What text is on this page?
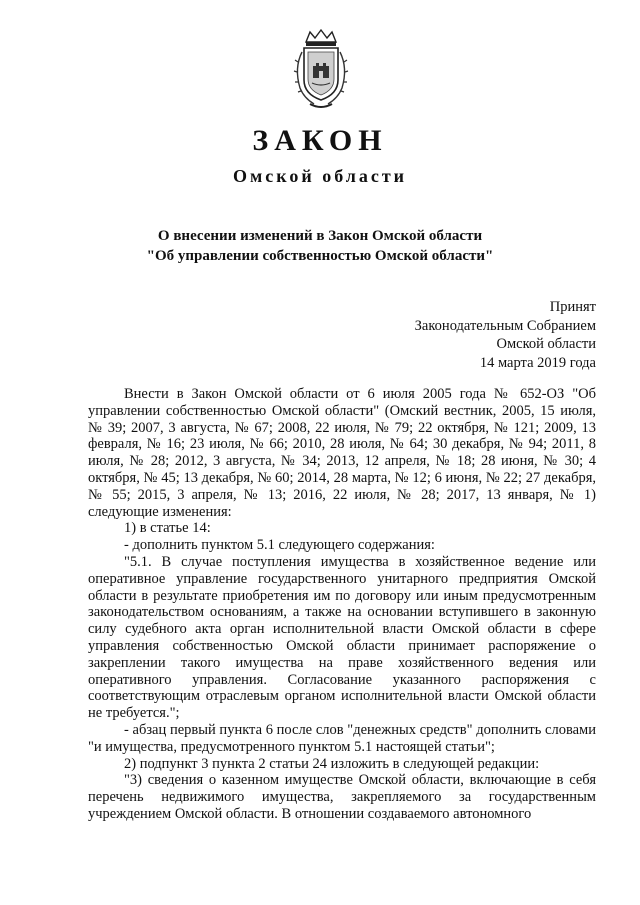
ЗАКОН
Омской области
О внесении изменений в Закон Омской области
"Об управлении собственностью Омской области"
Принят
Законодательным Собранием
Омской области
14 марта 2019 года

Внести в Закон Омской области от 6 июля 2005 года № 652-ОЗ "Об управлении собственностью Омской области" (Омский вестник, 2005, 15 июля, № 39; 2007, 3 августа, № 67; 2008, 22 июля, № 79; 22 октября, № 121; 2009, 13 февраля, № 16; 23 июля, № 66; 2010, 28 июля, № 64; 30 декабря, № 94; 2011, 8 июля, № 28; 2012, 3 августа, № 34; 2013, 12 апреля, № 18; 28 июня, № 30; 4 октября, № 45; 13 декабря, № 60; 2014, 28 марта, № 12; 6 июня, № 22; 27 декабря, № 55; 2015, 3 апреля, № 13; 2016, 22 июля, № 28; 2017, 13 января, № 1) следующие изменения:

1) в статье 14:

- дополнить пунктом 5.1 следующего содержания:

"5.1. В случае поступления имущества в хозяйственное ведение или оперативное управление государственного унитарного предприятия Омской области в результате приобретения им по договору или иным предусмотренным законодательством основаниям, а также на основании вступившего в законную силу судебного акта орган исполнительной власти Омской области в сфере управления собственностью Омской области принимает распоряжение о закреплении такого имущества на праве хозяйственного ведения или оперативного управления. Согласование указанного распоряжения с соответствующим отраслевым органом исполнительной власти Омской области не требуется.";

- абзац первый пункта 6 после слов "денежных средств" дополнить словами "и имущества, предусмотренного пунктом 5.1 настоящей статьи";

2) подпункт 3 пункта 2 статьи 24 изложить в следующей редакции:

"3) сведения о казенном имуществе Омской области, включающие в себя перечень недвижимого имущества, закрепляемого за государственным учреждением Омской области. В отношении создаваемого автономного
